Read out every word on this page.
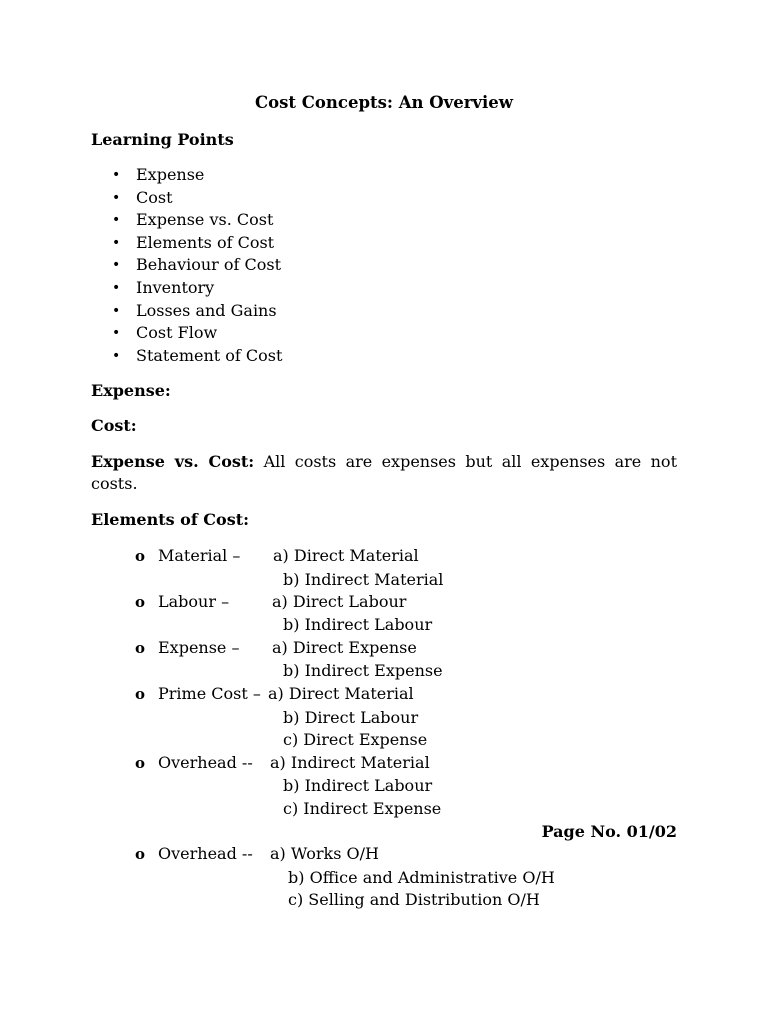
Cost Concepts: An Overview
Learning Points
• Expense
• Cost
• Expense vs. Cost
• Elements of Cost
• Behaviour of Cost
• Inventory
• Losses and Gains
• Cost Flow
• Statement of Cost
Expense:
Cost:
Expense vs. Cost: All costs are expenses but all expenses are not costs.
Elements of Cost:
o Material – a) Direct Material
b) Indirect Material
o Labour –	a) Direct Labour
b) Indirect Labour
o Expense – a) Direct Expense
b) Indirect Expense
o Prime Cost – a) Direct Material
b) Direct Labour
c) Direct Expense
o Overhead -- a) Indirect Material
b) Indirect Labour
c) Indirect Expense
Page No. 01/02
o Overhead -- a) Works O/H
b) Office and Administrative O/H
c) Selling and Distribution O/H
